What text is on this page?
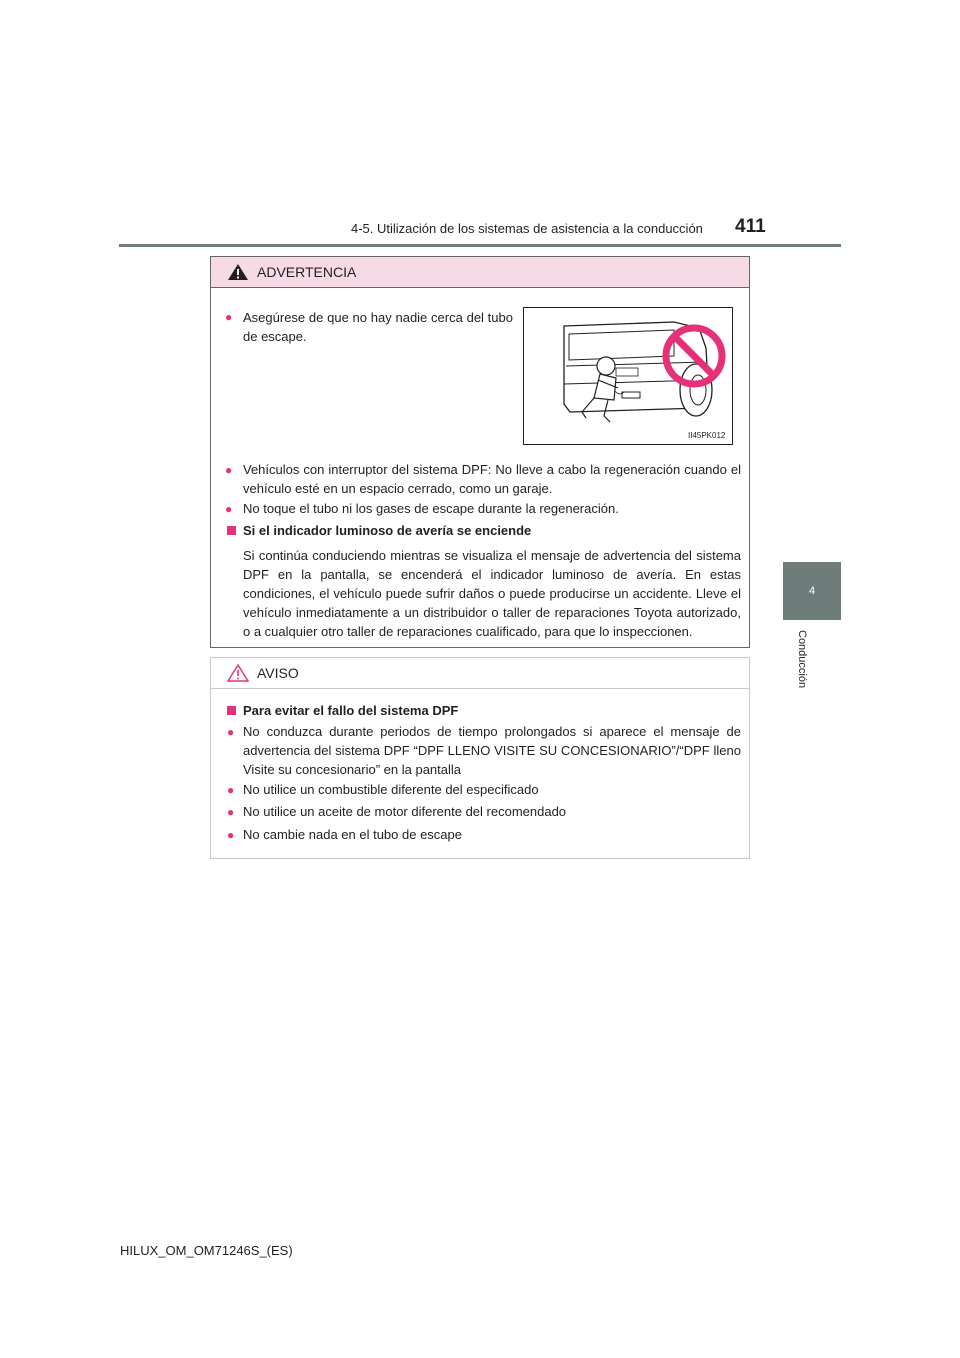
4-5. Utilización de los sistemas de asistencia a la conducción 411
4
Conducción
ADVERTENCIA
● Asegúrese de que no hay nadie cerca del tubo de escape.
II45PK012
● Vehículos con interruptor del sistema DPF: No lleve a cabo la regeneración cuando el vehículo esté en un espacio cerrado, como un garaje.
● No toque el tubo ni los gases de escape durante la regeneración.
Si el indicador luminoso de avería se enciende
Si continúa conduciendo mientras se visualiza el mensaje de advertencia del sistema DPF en la pantalla, se encenderá el indicador luminoso de avería. En estas condiciones, el vehículo puede sufrir daños o puede producirse un accidente. Lleve el vehículo inmediatamente a un distribuidor o taller de reparaciones Toyota autorizado, o a cualquier otro taller de reparaciones cualificado, para que lo inspeccionen.
AVISO
Para evitar el fallo del sistema DPF
● No conduzca durante periodos de tiempo prolongados si aparece el mensaje de advertencia del sistema DPF “DPF LLENO VISITE SU CONCESIONARIO”/“DPF lleno Visite su concesionario” en la pantalla
● No utilice un combustible diferente del especificado
● No utilice un aceite de motor diferente del recomendado
● No cambie nada en el tubo de escape
HILUX_OM_OM71246S_(ES)
